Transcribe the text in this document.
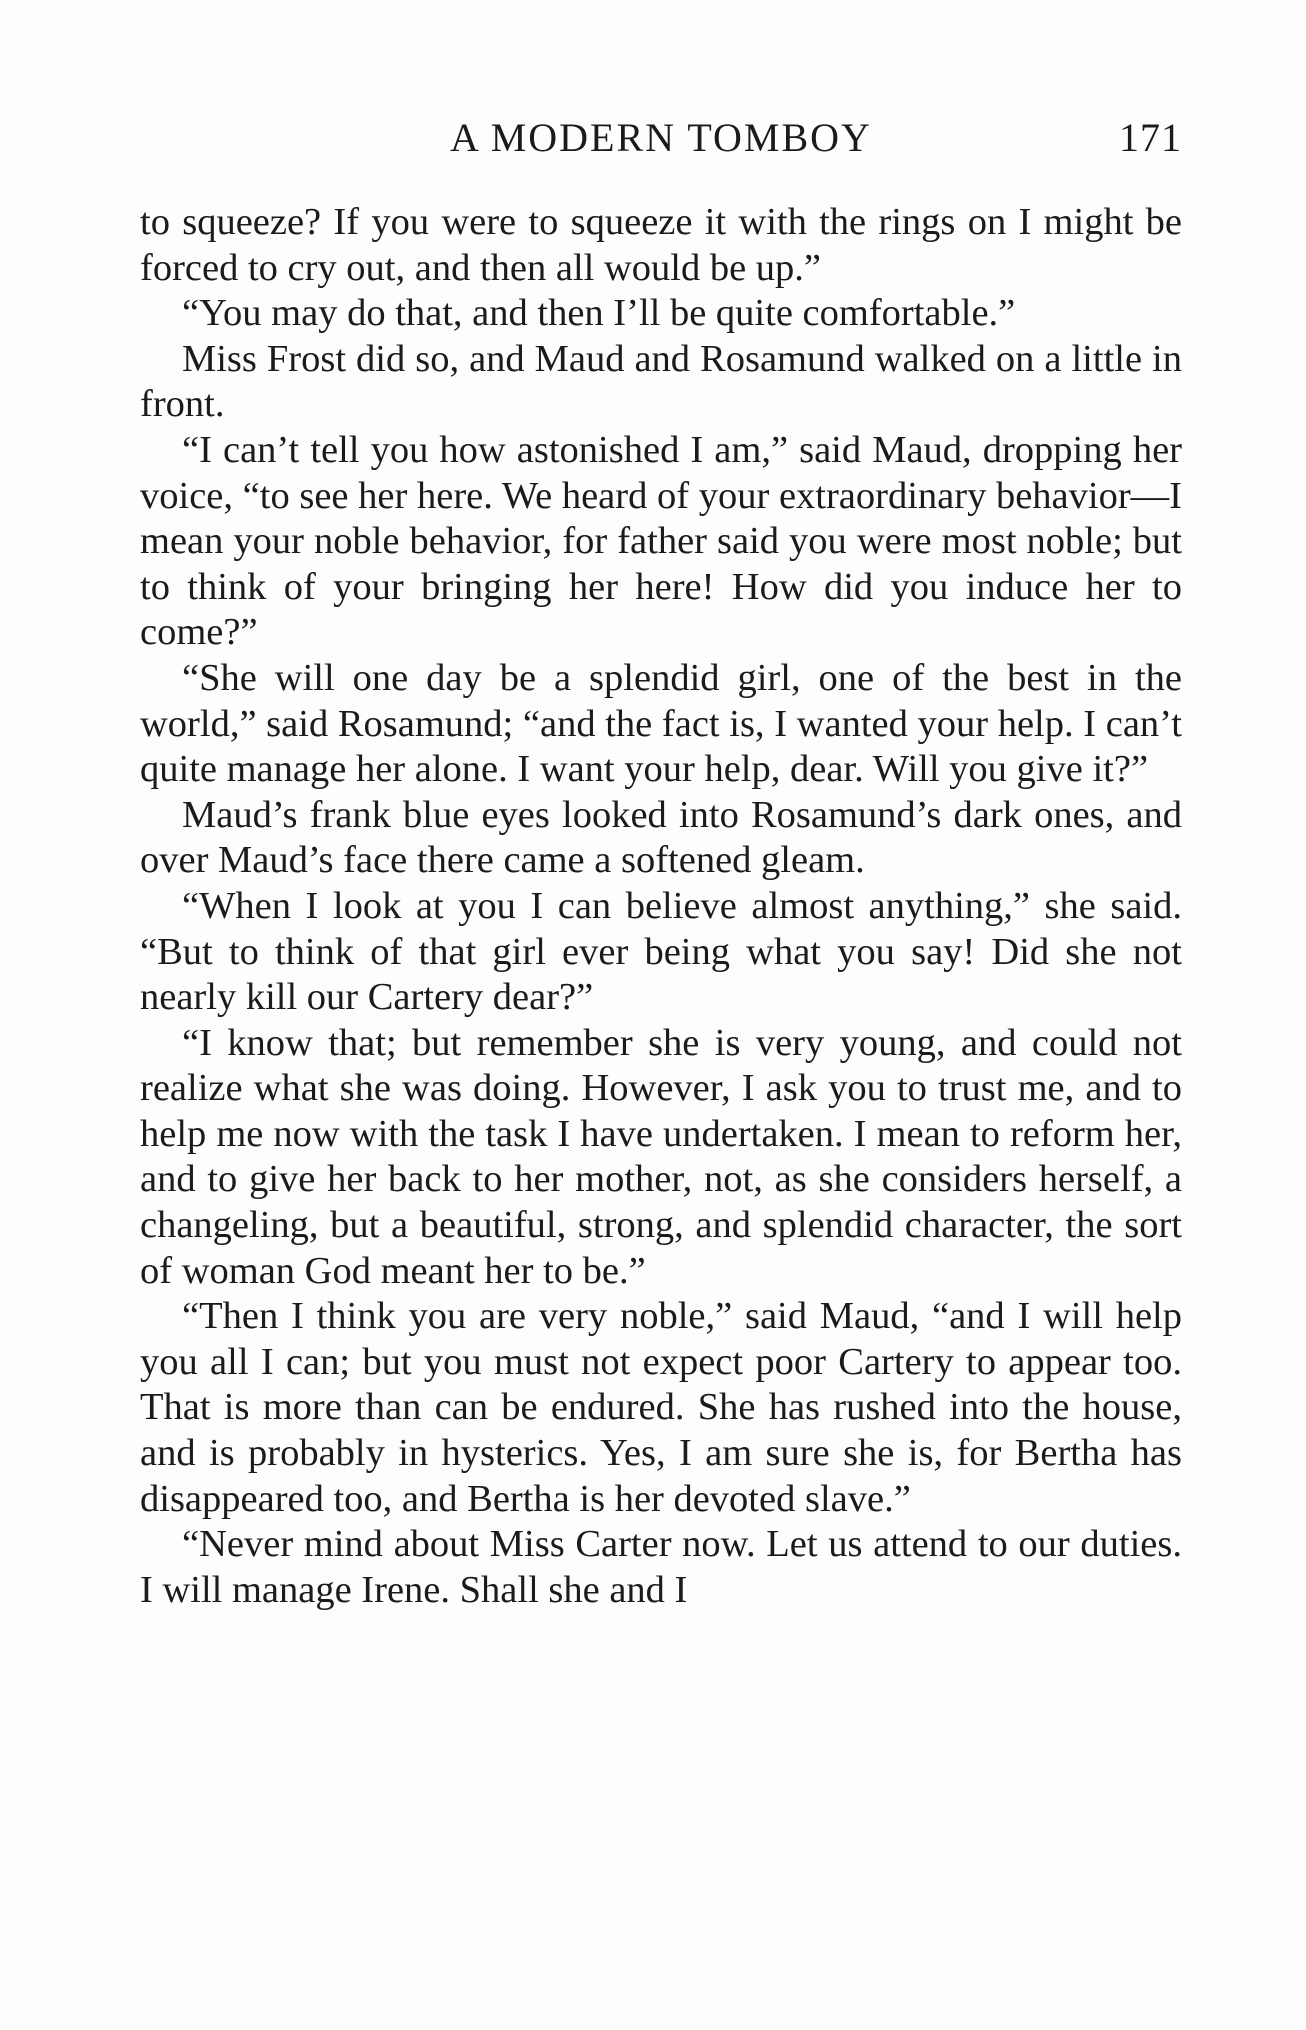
A MODERN TOMBOY	171

to squeeze? If you were to squeeze it with the rings on I might be forced to cry out, and then all would be up.”

“You may do that, and then I’ll be quite comfortable.”

Miss Frost did so, and Maud and Rosamund walked on a little in front.

“I can’t tell you how astonished I am,” said Maud, dropping her voice, “to see her here. We heard of your extraordinary behavior—I mean your noble behavior, for father said you were most noble; but to think of your bringing her here! How did you induce her to come?”

“She will one day be a splendid girl, one of the best in the world,” said Rosamund; “and the fact is, I wanted your help. I can’t quite manage her alone. I want your help, dear. Will you give it?”

Maud’s frank blue eyes looked into Rosamund’s dark ones, and over Maud’s face there came a softened gleam.

“When I look at you I can believe almost anything,” she said. “But to think of that girl ever being what you say! Did she not nearly kill our Cartery dear?”

“I know that; but remember she is very young, and could not realize what she was doing. However, I ask you to trust me, and to help me now with the task I have undertaken. I mean to reform her, and to give her back to her mother, not, as she considers herself, a changeling, but a beautiful, strong, and splendid character, the sort of woman God meant her to be.”

“Then I think you are very noble,” said Maud, “and I will help you all I can; but you must not expect poor Cartery to appear too. That is more than can be endured. She has rushed into the house, and is probably in hysterics. Yes, I am sure she is, for Bertha has disappeared too, and Bertha is her devoted slave.”

“Never mind about Miss Carter now. Let us attend to our duties. I will manage Irene. Shall she and I
